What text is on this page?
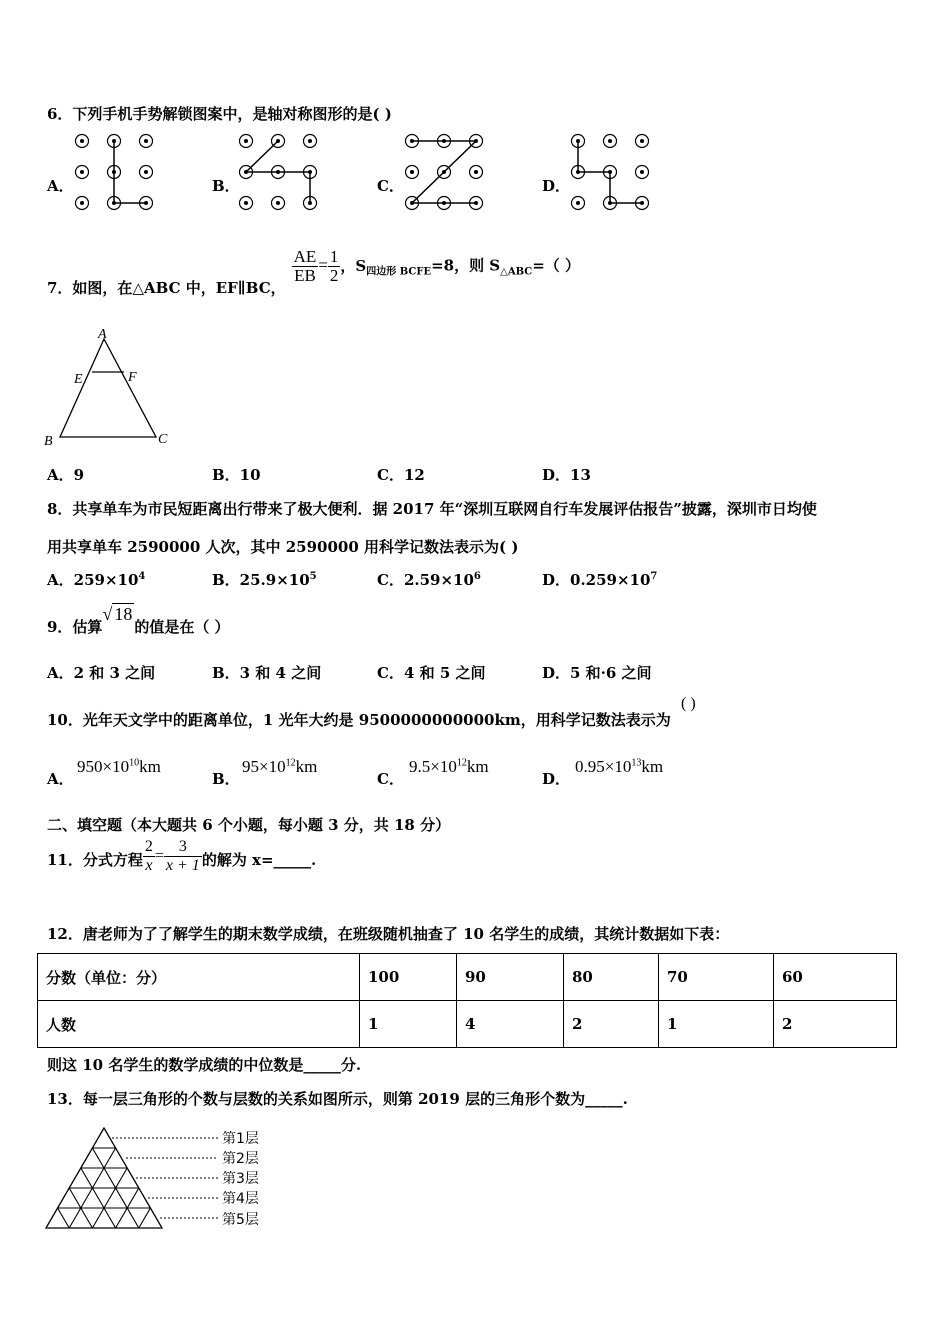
6．下列手机手势解锁图案中，是轴对称图形的是( )
A．	B．	C．	D．
7．如图，在△ABC 中，EF∥BC，
$\frac{AE}{EB} = \frac{1}{2}$ ，$S_{四边形 BCFE}=8$，则 $S_{\triangle ABC}=$（ ）
A
E	F
B	C
A．9	B．10	C．12	D．13
8．共享单车为市民短距离出行带来了极大便利．据 2017 年“深圳互联网自行车发展评估报告”披露，深圳市日均使
用共享单车 2590000 人次，其中 2590000 用科学记数法表示为( )
A．$259\times 10^4$	B．$25.9\times 10^5$	C．$2.59\times 10^6$	D．$0.259\times 10^7$
9．估算√ 18的值是在（ ）
A．2 和 3 之间	B．3 和 4 之间	C．4 和 5 之间	D．5 和·6 之间
10．光年天文学中的距离单位，1 光年大约是 9500000000000km，用科学记数法表示为
( )
A．
$950\times 10^{10}km$
B．
$95\times 10^{12}km$
C．
$9.5\times 10^{12}km$
D．
$0.95\times 10^{13}km$
二、填空题（本大题共 6 个小题，每小题 3 分，共 18 分）
11．分式方程 $\frac{2}{x} = \frac{3}{x + 1}$ 的解为 x=_____.
12．唐老师为了了解学生的期末数学成绩，在班级随机抽查了 10 名学生的成绩，其统计数据如下表：
分数（单位：分）	100	90	80	70	60
人数	1	4	2	1	2
则这 10 名学生的数学成绩的中位数是_____分.
13．每一层三角形的个数与层数的关系如图所示，则第 2019 层的三角形个数为_____.
第1层
第2层
第3层
第4层
第5层
